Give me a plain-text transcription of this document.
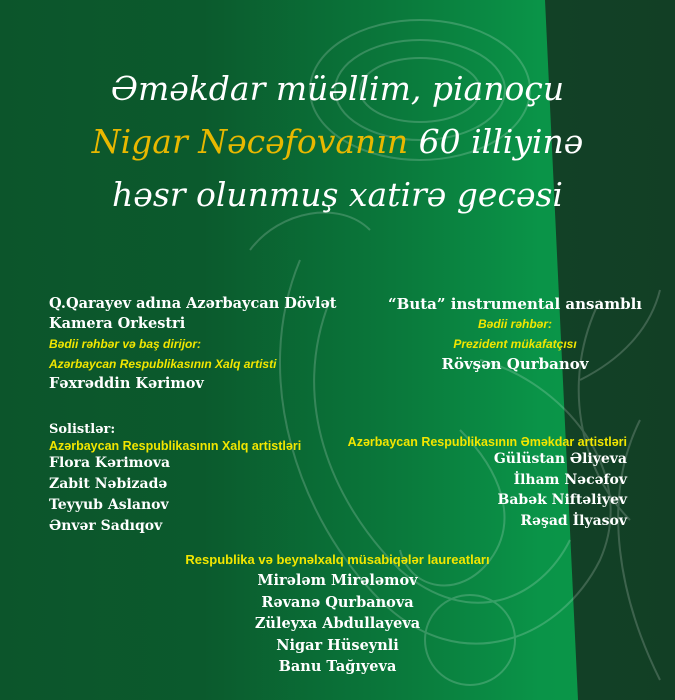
Əməkdar müəllim, pianoçu
Nigar Nəcəfovanın 60 illiyinə
həsr olunmuş xatirə gecəsi
Q.Qarayev adına Azərbaycan Dövlət
Kamera Orkestri
Bədii rəhbər və baş dirijor:
Azərbaycan Respublikasının Xalq artisti
Fəxrəddin Kərimov
“Buta” instrumental ansamblı
Bədii rəhbər:
Prezident mükafatçısı
Rövşən Qurbanov
Solistlər:
Azərbaycan Respublikasının Xalq artistləri
Flora Kərimova
Zabit Nəbizadə
Teyyub Aslanov
Ənvər Sadıqov
Azərbaycan Respublikasının Əməkdar artistləri
Gülüstan Əliyeva
İlham Nəcəfov
Babək Niftəliyev
Rəşad İlyasov
Respublika və beynəlxalq müsabiqələr laureatları
Mirələm Mirələmov
Rəvanə Qurbanova
Züleyxa Abdullayeva
Nigar Hüseynli
Banu Tağıyeva
